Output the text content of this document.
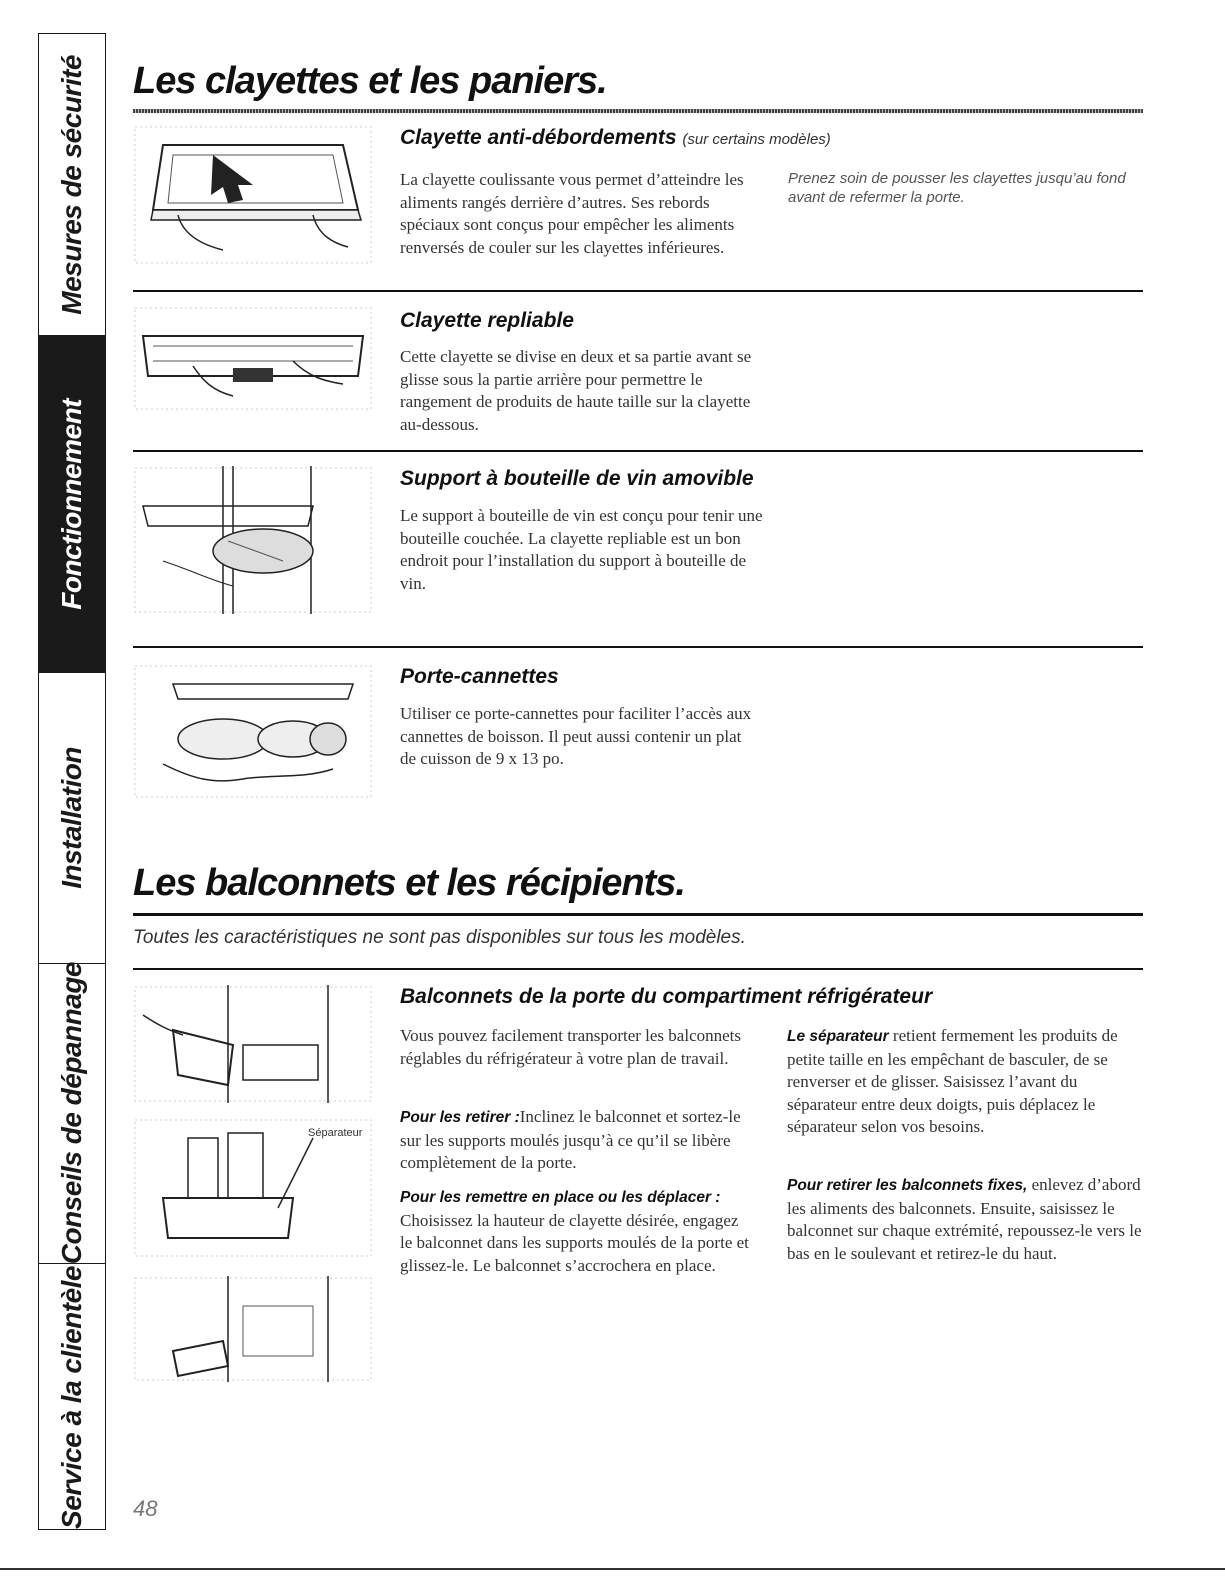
Mesures de sécurité
Fonctionnement
Installation
Conseils de dépannage
Service à la clientèle
Les clayettes et les paniers.
Clayette anti-débordements (sur certains modèles)

La clayette coulissante vous permet d’atteindre les aliments rangés derrière d’autres. Ses rebords spéciaux sont conçus pour empêcher les aliments renversés de couler sur les clayettes inférieures.

Prenez soin de pousser les clayettes jusqu’au fond avant de refermer la porte.

Clayette repliable

Cette clayette se divise en deux et sa partie avant se glisse sous la partie arrière pour permettre le rangement de produits de haute taille sur la clayette au-dessous.

Support à bouteille de vin amovible

Le support à bouteille de vin est conçu pour tenir une bouteille couchée. La clayette repliable est un bon endroit pour l’installation du support à bouteille de vin.

Porte-cannettes

Utiliser ce porte-cannettes pour faciliter l’accès aux cannettes de boisson. Il peut aussi contenir un plat de cuisson de 9 x 13 po.

Les balconnets et les récipients.

Toutes les caractéristiques ne sont pas disponibles sur tous les modèles.

Séparateur
Balconnets de la porte du compartiment réfrigérateur

Vous pouvez facilement transporter les balconnets réglables du réfrigérateur à votre plan de travail.

Pour les retirer :Inclinez le balconnet et sortez-le sur les supports moulés jusqu’à ce qu’il se libère complètement de la porte.

Pour les remettre en place ou les déplacer : Choisissez la hauteur de clayette désirée, engagez le balconnet dans les supports moulés de la porte et glissez-le. Le balconnet s’accrochera en place.

Le séparateur retient fermement les produits de petite taille en les empêchant de basculer, de se renverser et de glisser. Saisissez l’avant du séparateur entre deux doigts, puis déplacez le séparateur selon vos besoins.

Pour retirer les balconnets fixes, enlevez d’abord les aliments des balconnets. Ensuite, saisissez le balconnet sur chaque extrémité, repoussez-le vers le bas en le soulevant et retirez-le du haut.

48
